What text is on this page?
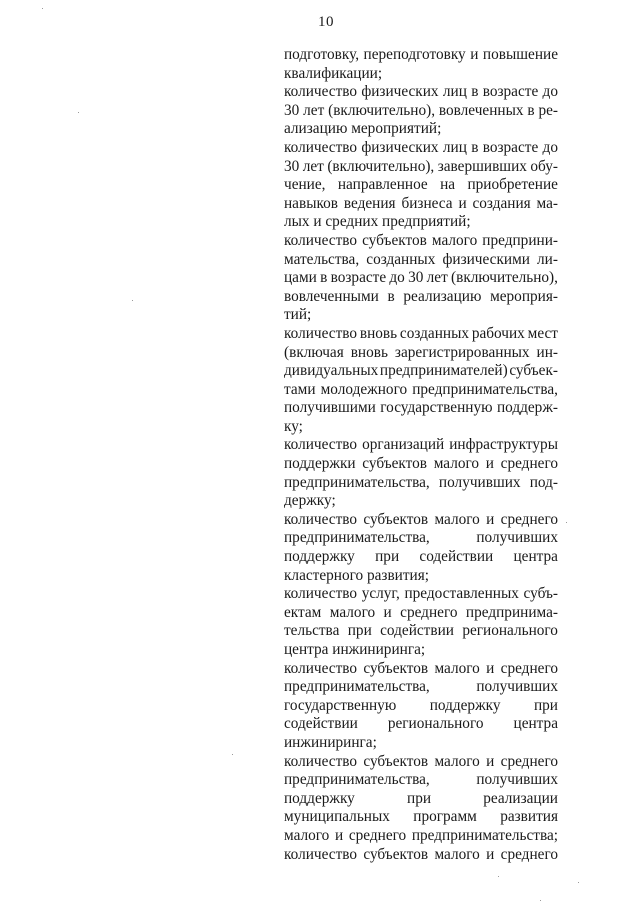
10
подготовку, переподготовку и повышение
квалификации;
количество физических лиц в возрасте до
30 лет (включительно), вовлеченных в ре-
ализацию мероприятий;
количество физических лиц в возрасте до
30 лет (включительно), завершивших обу-
чение, направленное на приобретение
навыков ведения бизнеса и создания ма-
лых и средних предприятий;
количество субъектов малого предприни-
мательства, созданных физическими ли-
цами в возрасте до 30 лет (включительно),
вовлеченными в реализацию мероприя-
тий;
количество вновь созданных рабочих мест
(включая вновь зарегистрированных ин-
дивидуальных предпринимателей) субъек-
тами молодежного предпринимательства,
получившими государственную поддерж-
ку;
количество организаций инфраструктуры
поддержки субъектов малого и среднего
предпринимательства, получивших под-
держку;
количество субъектов малого и среднего
предпринимательства,	получивших
поддержку при содействии центра
кластерного развития;
количество услуг, предоставленных субъ-
ектам малого и среднего предпринима-
тельства при содействии регионального
центра инжиниринга;
количество субъектов малого и среднего
предпринимательства,	получивших
государственную поддержку при
содействии регионального центра
инжиниринга;
количество субъектов малого и среднего
предпринимательства,	получивших
поддержку	при	реализации
муниципальных программ развития
малого и среднего предпринимательства;
количество субъектов малого и среднего
